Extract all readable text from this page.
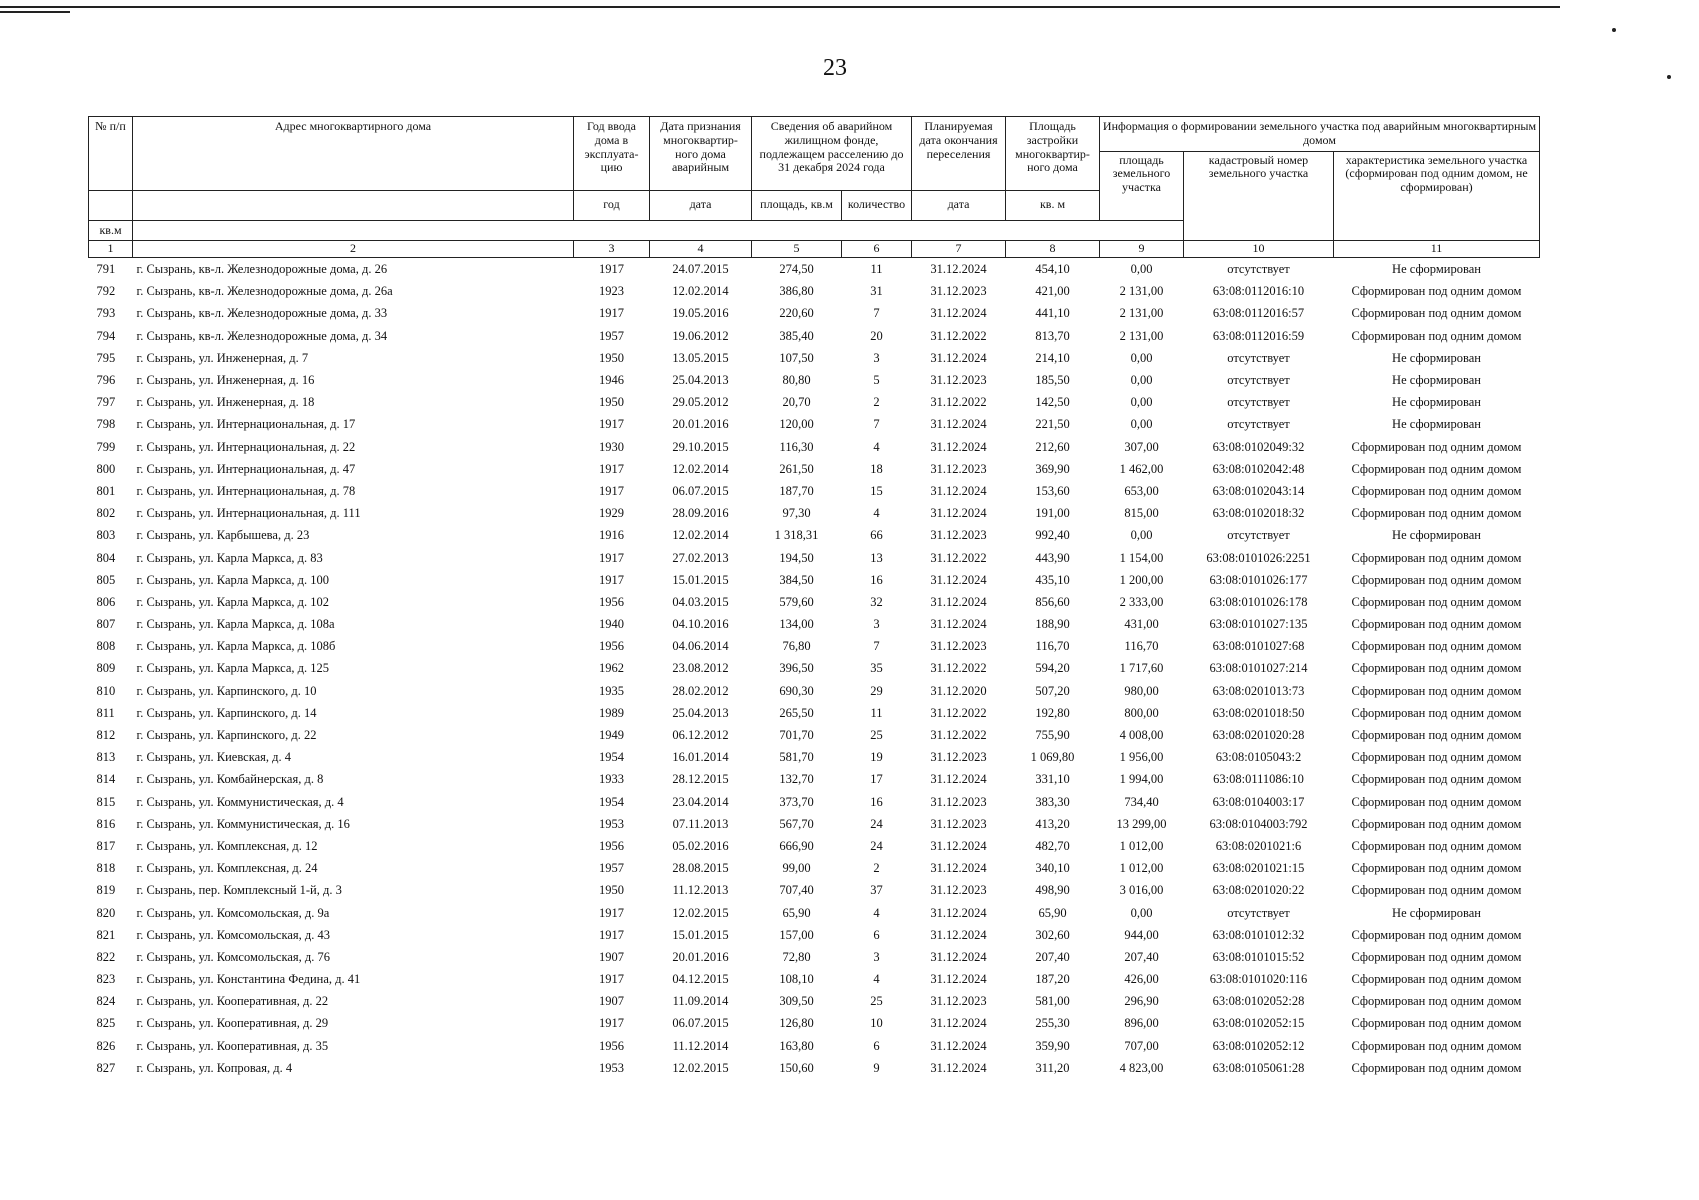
23
№ п/п	Адрес многоквартирного дома	Год ввода дома в эксплуата-цию	Дата признания многоквартир-ного дома аварийным	Сведения об аварийном жилищном фонде, подлежащем расселению до 31 декабря 2024 года		Планируемая дата окончания переселения	Площадь застройки многоквартир-ного дома	Информация о формировании земельного участка под аварийным многоквартирным домом		
								площадь земельного участка	кадастровый номер земельного участка	характеристика земельного участка (сформирован под одним домом, не сформирован)
		год	дата	площадь, кв.м	количество	дата	кв. м			
кв.м										
1	2	3	4	5	6	7	8	9	10	11
791	г. Сызрань, кв-л. Железнодорожные дома, д. 26	1917	24.07.2015	274,50	11	31.12.2024	454,10	0,00	отсутствует	Не сформирован
792	г. Сызрань, кв-л. Железнодорожные дома, д. 26а	1923	12.02.2014	386,80	31	31.12.2023	421,00	2 131,00	63:08:0112016:10	Сформирован под одним домом
793	г. Сызрань, кв-л. Железнодорожные дома, д. 33	1917	19.05.2016	220,60	7	31.12.2024	441,10	2 131,00	63:08:0112016:57	Сформирован под одним домом
794	г. Сызрань, кв-л. Железнодорожные дома, д. 34	1957	19.06.2012	385,40	20	31.12.2022	813,70	2 131,00	63:08:0112016:59	Сформирован под одним домом
795	г. Сызрань, ул. Инженерная, д. 7	1950	13.05.2015	107,50	3	31.12.2024	214,10	0,00	отсутствует	Не сформирован
796	г. Сызрань, ул. Инженерная, д. 16	1946	25.04.2013	80,80	5	31.12.2023	185,50	0,00	отсутствует	Не сформирован
797	г. Сызрань, ул. Инженерная, д. 18	1950	29.05.2012	20,70	2	31.12.2022	142,50	0,00	отсутствует	Не сформирован
798	г. Сызрань, ул. Интернациональная, д. 17	1917	20.01.2016	120,00	7	31.12.2024	221,50	0,00	отсутствует	Не сформирован
799	г. Сызрань, ул. Интернациональная, д. 22	1930	29.10.2015	116,30	4	31.12.2024	212,60	307,00	63:08:0102049:32	Сформирован под одним домом
800	г. Сызрань, ул. Интернациональная, д. 47	1917	12.02.2014	261,50	18	31.12.2023	369,90	1 462,00	63:08:0102042:48	Сформирован под одним домом
801	г. Сызрань, ул. Интернациональная, д. 78	1917	06.07.2015	187,70	15	31.12.2024	153,60	653,00	63:08:0102043:14	Сформирован под одним домом
802	г. Сызрань, ул. Интернациональная, д. 111	1929	28.09.2016	97,30	4	31.12.2024	191,00	815,00	63:08:0102018:32	Сформирован под одним домом
803	г. Сызрань, ул. Карбышева, д. 23	1916	12.02.2014	1 318,31	66	31.12.2023	992,40	0,00	отсутствует	Не сформирован
804	г. Сызрань, ул. Карла Маркса, д. 83	1917	27.02.2013	194,50	13	31.12.2022	443,90	1 154,00	63:08:0101026:2251	Сформирован под одним домом
805	г. Сызрань, ул. Карла Маркса, д. 100	1917	15.01.2015	384,50	16	31.12.2024	435,10	1 200,00	63:08:0101026:177	Сформирован под одним домом
806	г. Сызрань, ул. Карла Маркса, д. 102	1956	04.03.2015	579,60	32	31.12.2024	856,60	2 333,00	63:08:0101026:178	Сформирован под одним домом
807	г. Сызрань, ул. Карла Маркса, д. 108а	1940	04.10.2016	134,00	3	31.12.2024	188,90	431,00	63:08:0101027:135	Сформирован под одним домом
808	г. Сызрань, ул. Карла Маркса, д. 108б	1956	04.06.2014	76,80	7	31.12.2023	116,70	116,70	63:08:0101027:68	Сформирован под одним домом
809	г. Сызрань, ул. Карла Маркса, д. 125	1962	23.08.2012	396,50	35	31.12.2022	594,20	1 717,60	63:08:0101027:214	Сформирован под одним домом
810	г. Сызрань, ул. Карпинского, д. 10	1935	28.02.2012	690,30	29	31.12.2020	507,20	980,00	63:08:0201013:73	Сформирован под одним домом
811	г. Сызрань, ул. Карпинского, д. 14	1989	25.04.2013	265,50	11	31.12.2022	192,80	800,00	63:08:0201018:50	Сформирован под одним домом
812	г. Сызрань, ул. Карпинского, д. 22	1949	06.12.2012	701,70	25	31.12.2022	755,90	4 008,00	63:08:0201020:28	Сформирован под одним домом
813	г. Сызрань, ул. Киевская, д. 4	1954	16.01.2014	581,70	19	31.12.2023	1 069,80	1 956,00	63:08:0105043:2	Сформирован под одним домом
814	г. Сызрань, ул. Комбайнерская, д. 8	1933	28.12.2015	132,70	17	31.12.2024	331,10	1 994,00	63:08:0111086:10	Сформирован под одним домом
815	г. Сызрань, ул. Коммунистическая, д. 4	1954	23.04.2014	373,70	16	31.12.2023	383,30	734,40	63:08:0104003:17	Сформирован под одним домом
816	г. Сызрань, ул. Коммунистическая, д. 16	1953	07.11.2013	567,70	24	31.12.2023	413,20	13 299,00	63:08:0104003:792	Сформирован под одним домом
817	г. Сызрань, ул. Комплексная, д. 12	1956	05.02.2016	666,90	24	31.12.2024	482,70	1 012,00	63:08:0201021:6	Сформирован под одним домом
818	г. Сызрань, ул. Комплексная, д. 24	1957	28.08.2015	99,00	2	31.12.2024	340,10	1 012,00	63:08:0201021:15	Сформирован под одним домом
819	г. Сызрань, пер. Комплексный 1-й, д. 3	1950	11.12.2013	707,40	37	31.12.2023	498,90	3 016,00	63:08:0201020:22	Сформирован под одним домом
820	г. Сызрань, ул. Комсомольская, д. 9а	1917	12.02.2015	65,90	4	31.12.2024	65,90	0,00	отсутствует	Не сформирован
821	г. Сызрань, ул. Комсомольская, д. 43	1917	15.01.2015	157,00	6	31.12.2024	302,60	944,00	63:08:0101012:32	Сформирован под одним домом
822	г. Сызрань, ул. Комсомольская, д. 76	1907	20.01.2016	72,80	3	31.12.2024	207,40	207,40	63:08:0101015:52	Сформирован под одним домом
823	г. Сызрань, ул. Константина Федина, д. 41	1917	04.12.2015	108,10	4	31.12.2024	187,20	426,00	63:08:0101020:116	Сформирован под одним домом
824	г. Сызрань, ул. Кооперативная, д. 22	1907	11.09.2014	309,50	25	31.12.2023	581,00	296,90	63:08:0102052:28	Сформирован под одним домом
825	г. Сызрань, ул. Кооперативная, д. 29	1917	06.07.2015	126,80	10	31.12.2024	255,30	896,00	63:08:0102052:15	Сформирован под одним домом
826	г. Сызрань, ул. Кооперативная, д. 35	1956	11.12.2014	163,80	6	31.12.2024	359,90	707,00	63:08:0102052:12	Сформирован под одним домом
827	г. Сызрань, ул. Копровая, д. 4	1953	12.02.2015	150,60	9	31.12.2024	311,20	4 823,00	63:08:0105061:28	Сформирован под одним домом
